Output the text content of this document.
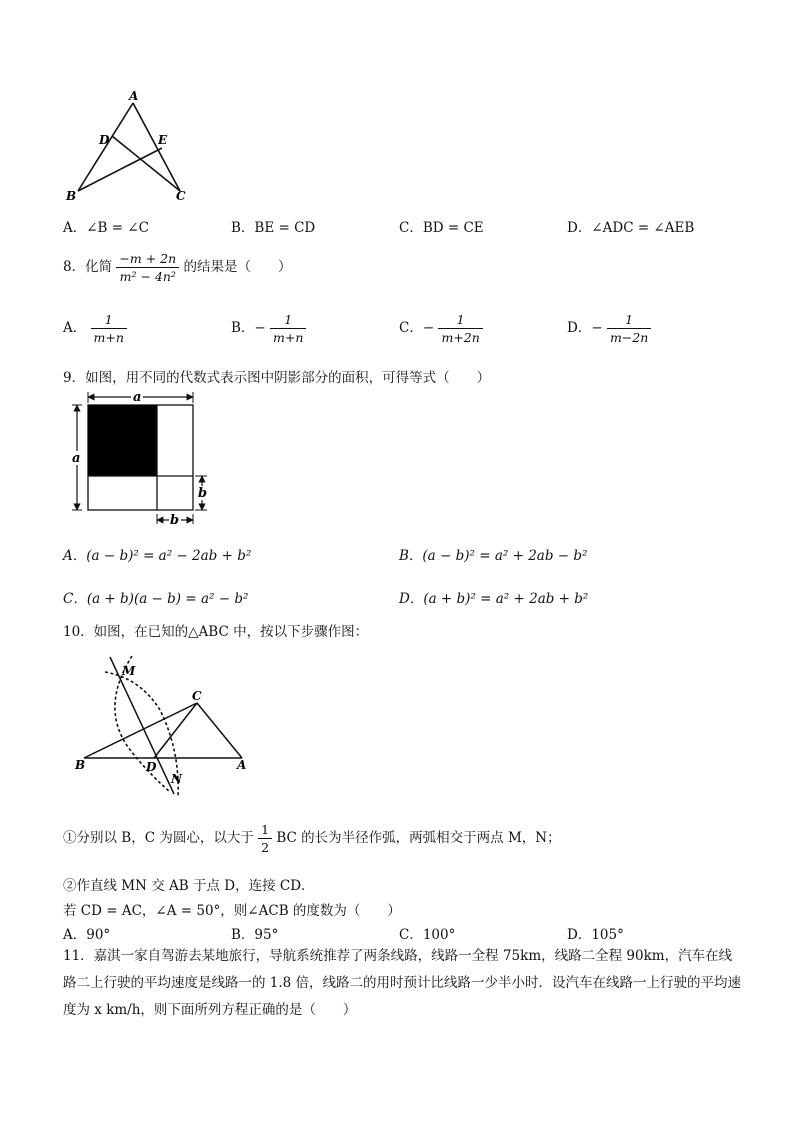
A
D	E
B	C
A．∠B = ∠C	B．BE = CD	C．BD = CE	D．∠ADC = ∠AEB
8．化简 $\frac{-m + 2n}{\text{m² − 4n²}}$ 的结果是（　　）
A． $\frac{1}{m+n}$	B．− $\frac{1}{m+n}$	C．− $\frac{1}{m+2n}$	D．− $\frac{1}{m-2n}$
9．如图，用不同的代数式表示图中阴影部分的面积，可得等式（　　）
a
a
b
b
A．(a − b)² = a² − 2ab + b²	B．(a − b)² = a² + 2ab − b²
C．(a + b)(a − b) = a² − b²	D．(a + b)² = a² + 2ab + b²
10．如图，在已知的△ABC 中，按以下步骤作图：
M
C
B	D	A
N
①分别以 B，C 为圆心，以大于 $\frac{1}{2}$ BC 的长为半径作弧，两弧相交于两点 M，N；
②作直线 MN 交 AB 于点 D，连接 CD．
若 CD = AC，∠A = 50°，则∠ACB 的度数为（　　）
A．90°	B．95°	C．100°	D．105°
11．嘉淇一家自驾游去某地旅行，导航系统推荐了两条线路，线路一全程 75km，线路二全程 90km，汽车在线路二上行驶的平均速度是线路一的 1.8 倍，线路二的用时预计比线路一少半小时．设汽车在线路一上行驶的平均速度为 x km/h，则下面所列方程正确的是（　　）
